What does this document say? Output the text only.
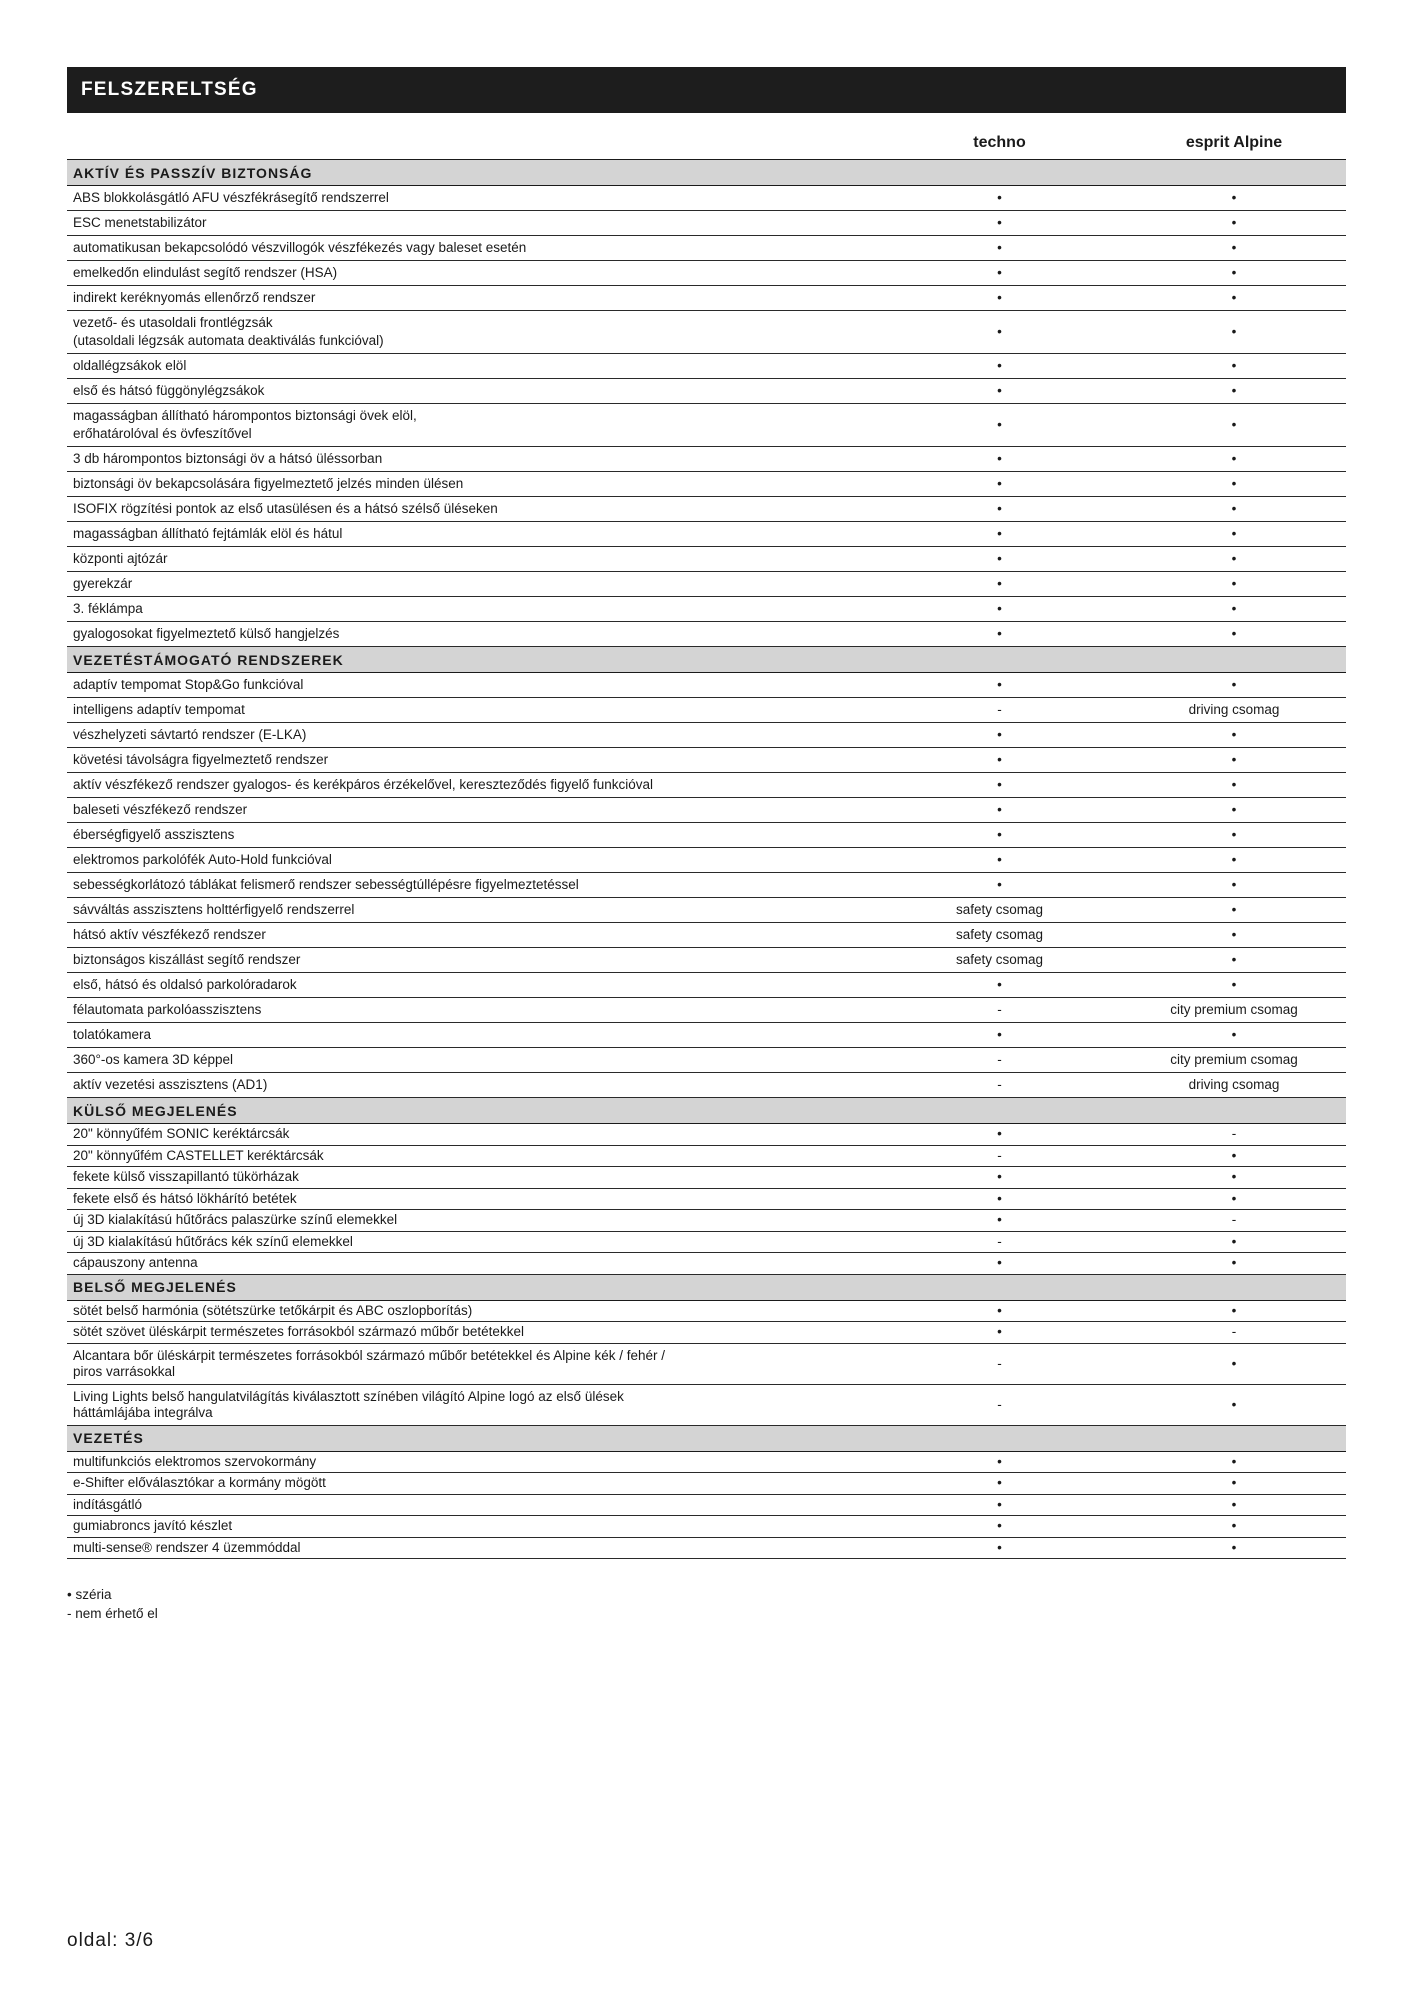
FELSZERELTSÉG
techno	esprit Alpine
AKTÍV ÉS PASSZÍV BIZTONSÁG		

ABS blokkolásgátló AFU vészfékrásegítő rendszerrel	•	•

ESC menetstabilizátor	•	•

automatikusan bekapcsolódó vészvillogók vészfékezés vagy baleset esetén	•	•

emelkedőn elindulást segítő rendszer (HSA)	•	•

indirekt keréknyomás ellenőrző rendszer	•	•

vezető- és utasoldali frontlégzsák
(utasoldali légzsák automata deaktiválás funkcióval)	•	•

oldallégzsákok elöl	•	•

első és hátsó függönylégzsákok	•	•

magasságban állítható hárompontos biztonsági övek elöl,
erőhatárolóval és övfeszítővel	•	•

3 db hárompontos biztonsági öv a hátsó üléssorban	•	•

biztonsági öv bekapcsolására figyelmeztető jelzés minden ülésen	•	•

ISOFIX rögzítési pontok az első utasülésen és a hátsó szélső üléseken	•	•

magasságban állítható fejtámlák elöl és hátul	•	•

központi ajtózár	•	•

gyerekzár	•	•

3. féklámpa	•	•

gyalogosokat figyelmeztető külső hangjelzés	•	•
VEZETÉSTÁMOGATÓ RENDSZEREK		

adaptív tempomat Stop&Go funkcióval	•	•

intelligens adaptív tempomat	-	driving csomag

vészhelyzeti sávtartó rendszer (E-LKA)	•	•

követési távolságra figyelmeztető rendszer	•	•

aktív vészfékező rendszer gyalogos- és kerékpáros érzékelővel, kereszteződés figyelő funkcióval	•	•

baleseti vészfékező rendszer	•	•

éberségfigyelő asszisztens	•	•

elektromos parkolófék Auto-Hold funkcióval	•	•

sebességkorlátozó táblákat felismerő rendszer sebességtúllépésre figyelmeztetéssel	•	•

sávváltás asszisztens holttérfigyelő rendszerrel	safety csomag	•

hátsó aktív vészfékező rendszer	safety csomag	•

biztonságos kiszállást segítő rendszer	safety csomag	•

első, hátsó és oldalsó parkolóradarok	•	•

félautomata parkolóasszisztens	-	city premium csomag

tolatókamera	•	•

360°-os kamera 3D képpel	-	city premium csomag

aktív vezetési asszisztens (AD1)	-	driving csomag
KÜLSŐ MEGJELENÉS		

20" könnyűfém SONIC keréktárcsák	•	-

20" könnyűfém CASTELLET keréktárcsák	-	•

fekete külső visszapillantó tükörházak	•	•

fekete első és hátsó lökhárító betétek	•	•

új 3D kialakítású hűtőrács palaszürke színű elemekkel	•	-

új 3D kialakítású hűtőrács kék színű elemekkel	-	•

cápauszony antenna	•	•
BELSŐ MEGJELENÉS		

sötét belső harmónia (sötétszürke tetőkárpit és ABC oszlopborítás)	•	•

sötét szövet üléskárpit természetes forrásokból származó műbőr betétekkel	•	-

Alcantara bőr üléskárpit természetes forrásokból származó műbőr betétekkel és Alpine kék / fehér /
piros varrásokkal	-	•

Living Lights belső hangulatvilágítás kiválasztott színében világító Alpine logó az első ülések
háttámlájába integrálva	-	•
VEZETÉS		

multifunkciós elektromos szervokormány	•	•

e-Shifter előválasztókar a kormány mögött	•	•

indításgátló	•	•

gumiabroncs javító készlet	•	•

multi-sense® rendszer 4 üzemmóddal	•	•
• széria
- nem érhető el
oldal: 3/6
